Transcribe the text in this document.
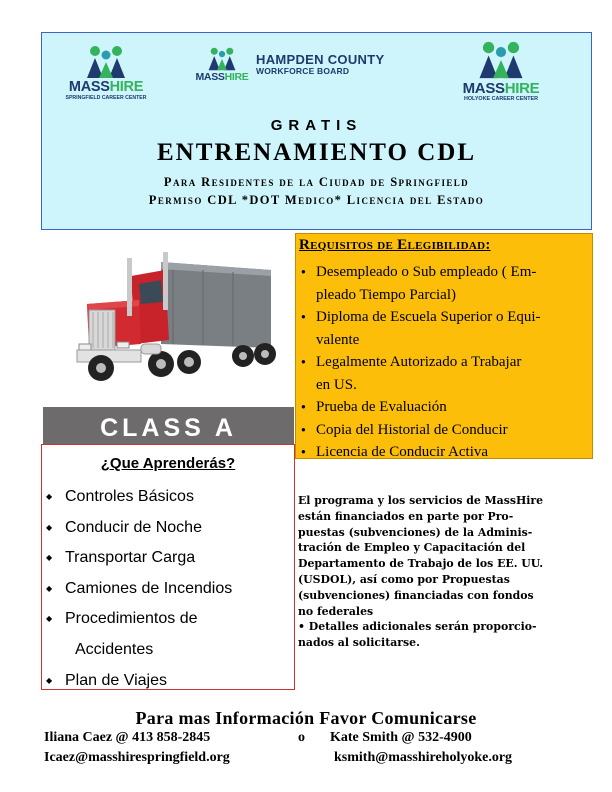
MASSHIRE
SPRINGFIELD CAREER CENTER
MASSHIRE
HAMPDEN COUNTY
WORKFORCE BOARD
MASSHIRE
HOLYOKE CAREER CENTER
GRATIS
ENTRENAMIENTO CDL
Para Residentes de la Ciudad de Springfield
Permiso CDL *DOT Medico* Licencia del Estado
CLASS A
¿Que Aprenderás?
◆ Controles Básicos
◆ Conducir de Noche
◆ Transportar Carga
◆ Camiones de Incendios
◆ Procedimientos de
Accidentes
◆ Plan de Viajes
Requisitos de Elegibilidad:
● Desempleado o Sub empleado ( Em-
pleado Tiempo Parcial)
● Diploma de Escuela Superior o Equi-
valente
● Legalmente Autorizado a Trabajar
en US.
● Prueba de Evaluación
● Copia del Historial de Conducir
● Licencia de Conducir Activa

El programa y los servicios de MassHire

están financiados en parte por Pro-

puestas (subvenciones) de la Adminis-

tración de Empleo y Capacitación del

Departamento de Trabajo de los EE. UU.

(USDOL), así como por Propuestas

(subvenciones) financiadas con fondos

no federales

• Detalles adicionales serán proporcio-

nados al solicitarse.

Para mas Información Favor Comunicarse
Iliana Caez @ 413 858-2845	o Kate Smith @ 532-4900
Icaez@masshirespringfield.org	ksmith@masshireholyoke.org
